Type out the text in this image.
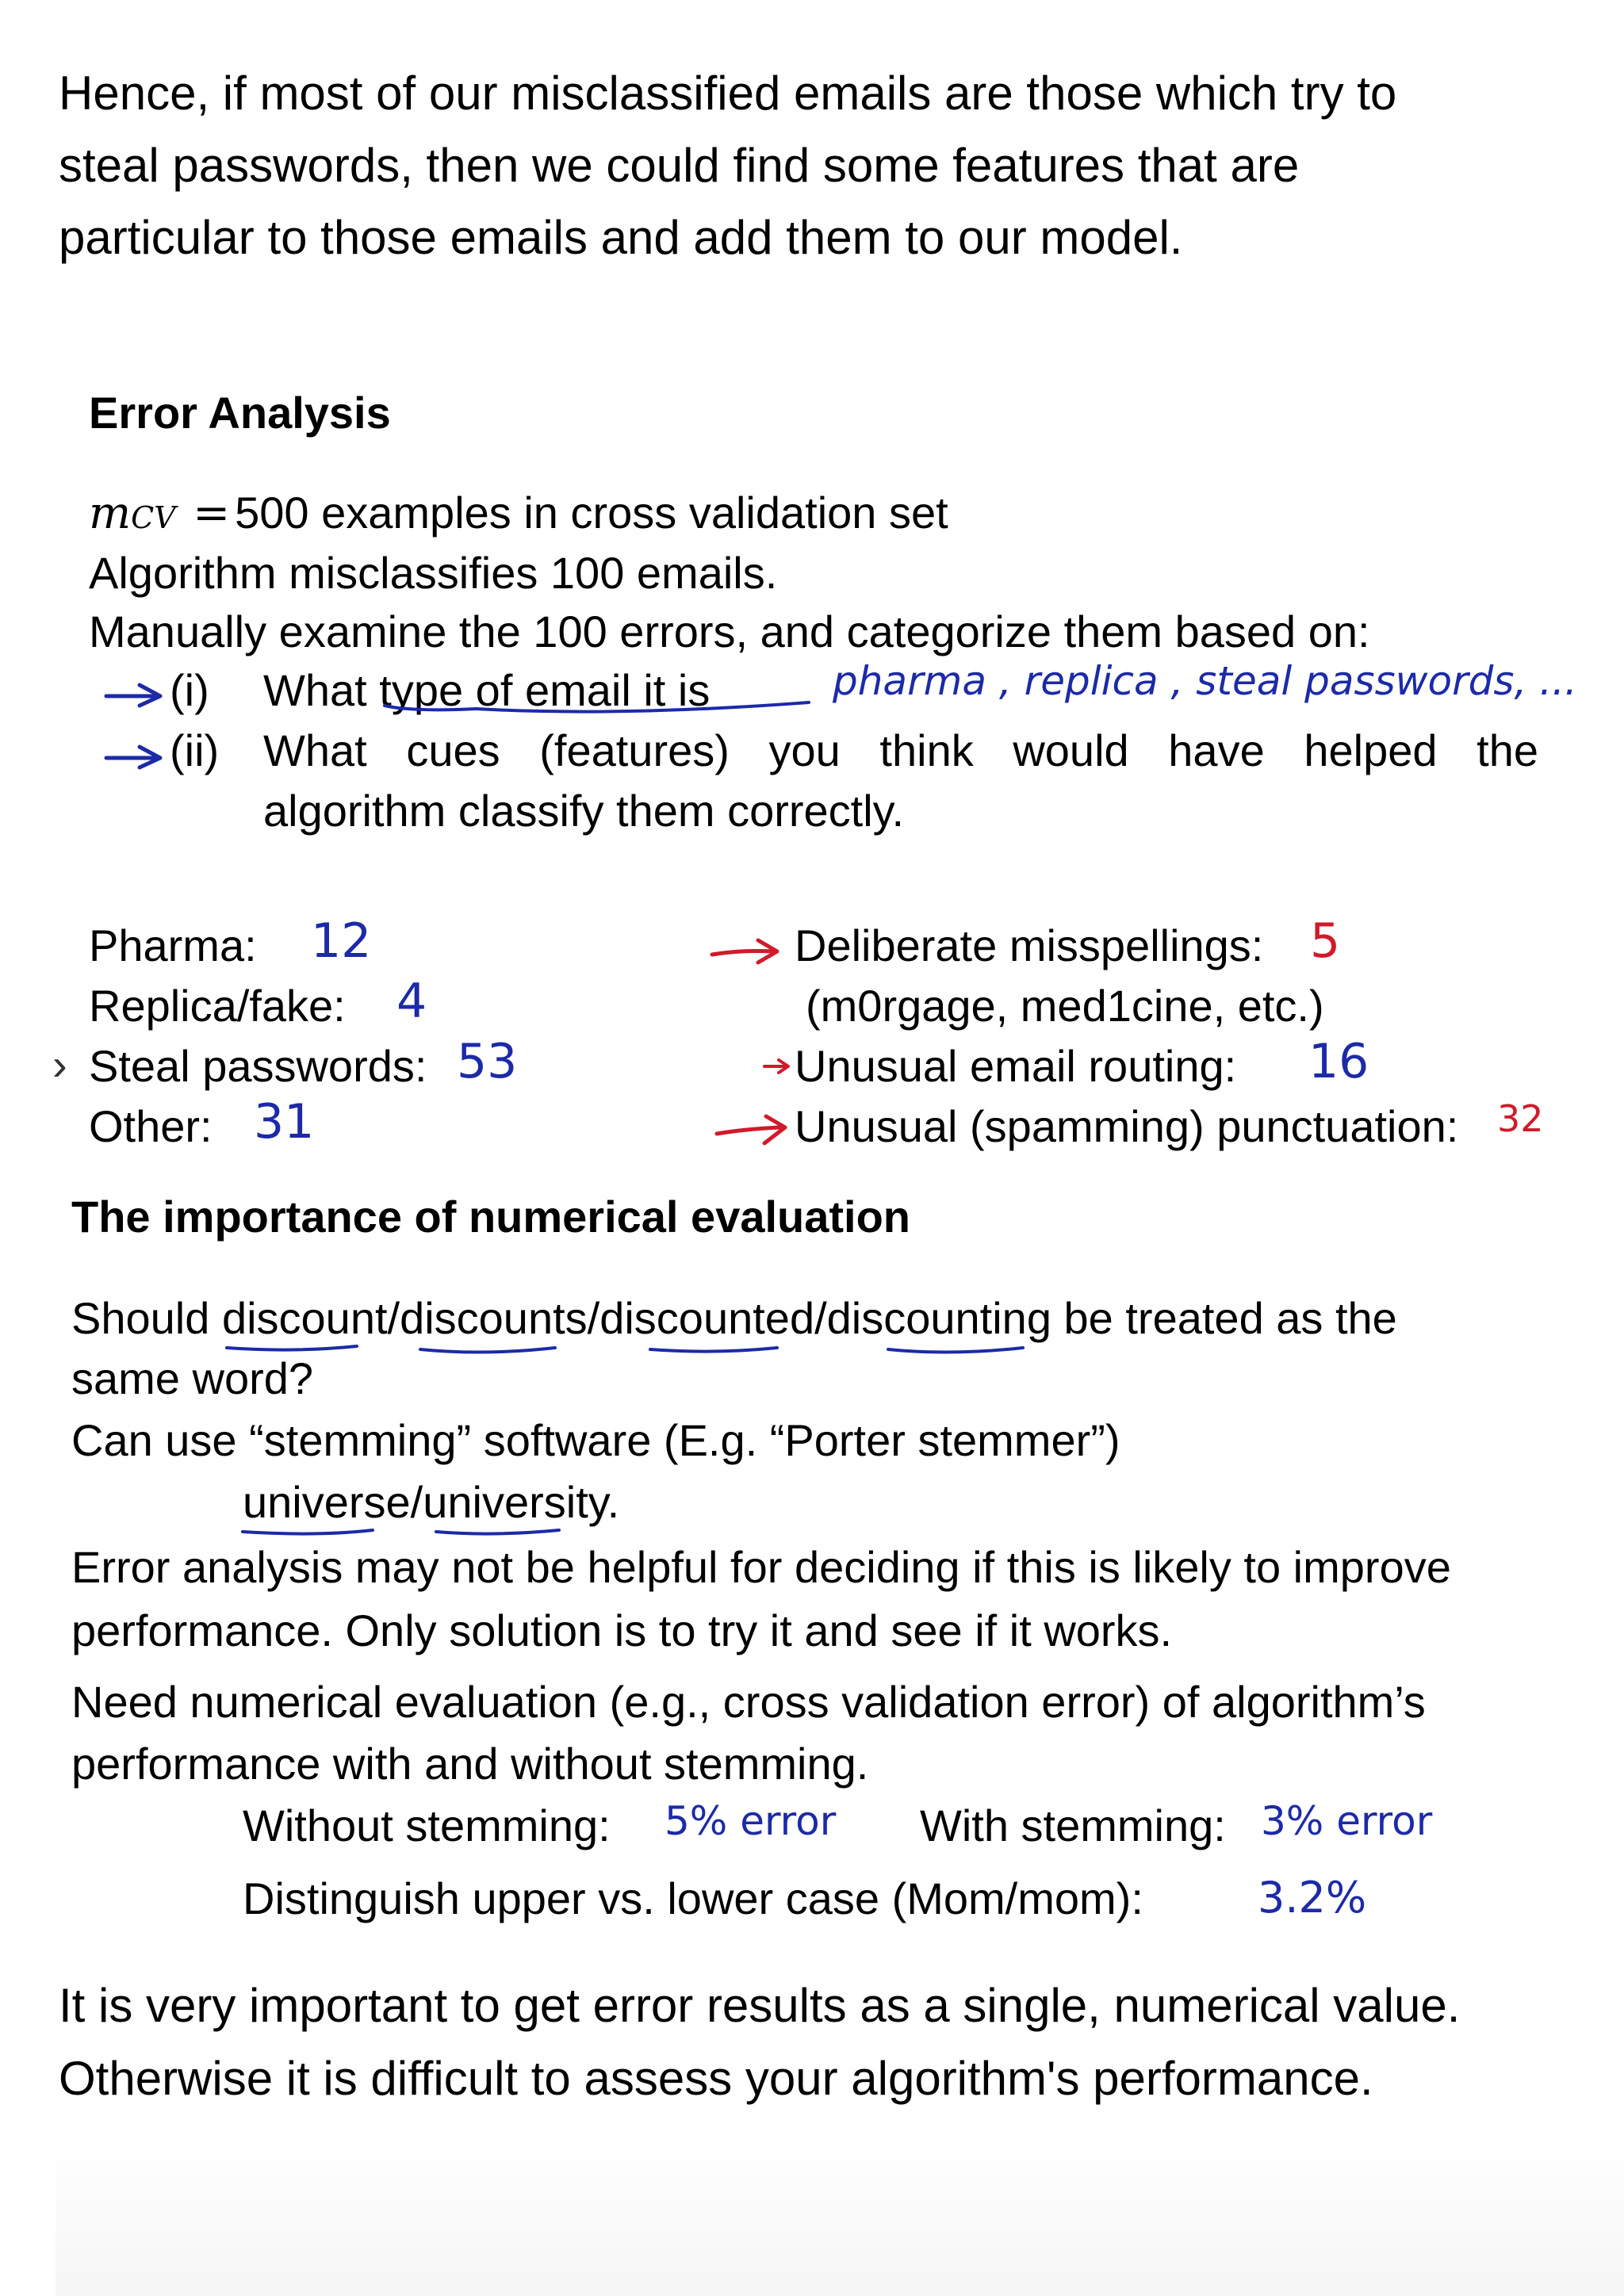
Hence, if most of our misclassified emails are those which try to
steal passwords, then we could find some features that are
particular to those emails and add them to our model.
Error Analysis
mCV = 500 examples in cross validation set
Algorithm misclassifies 100 emails.
Manually examine the 100 errors, and categorize them based on:
(i) What type of email it is	pharma , replica , steal passwords, ...
(ii) What cues (features) you think would have helped the
algorithm classify them correctly.
Pharma: 12
Replica/fake: 4
› Steal passwords: 53
Other: 31
Deliberate misspellings: 5
(m0rgage, med1cine, etc.)
Unusual email routing: 16
Unusual (spamming) punctuation: 32
The importance of numerical evaluation
Should discount/discounts/discounted/discounting be treated as the
same word?
Can use “stemming” software (E.g. “Porter stemmer”)
universe/university.
Error analysis may not be helpful for deciding if this is likely to improve
performance. Only solution is to try it and see if it works.
Need numerical evaluation (e.g., cross validation error) of algorithm’s
performance with and without stemming.
Without stemming: 5% error With stemming: 3% error
Distinguish upper vs. lower case (Mom/mom):	3.2%
It is very important to get error results as a single, numerical value.
Otherwise it is difficult to assess your algorithm's performance.
